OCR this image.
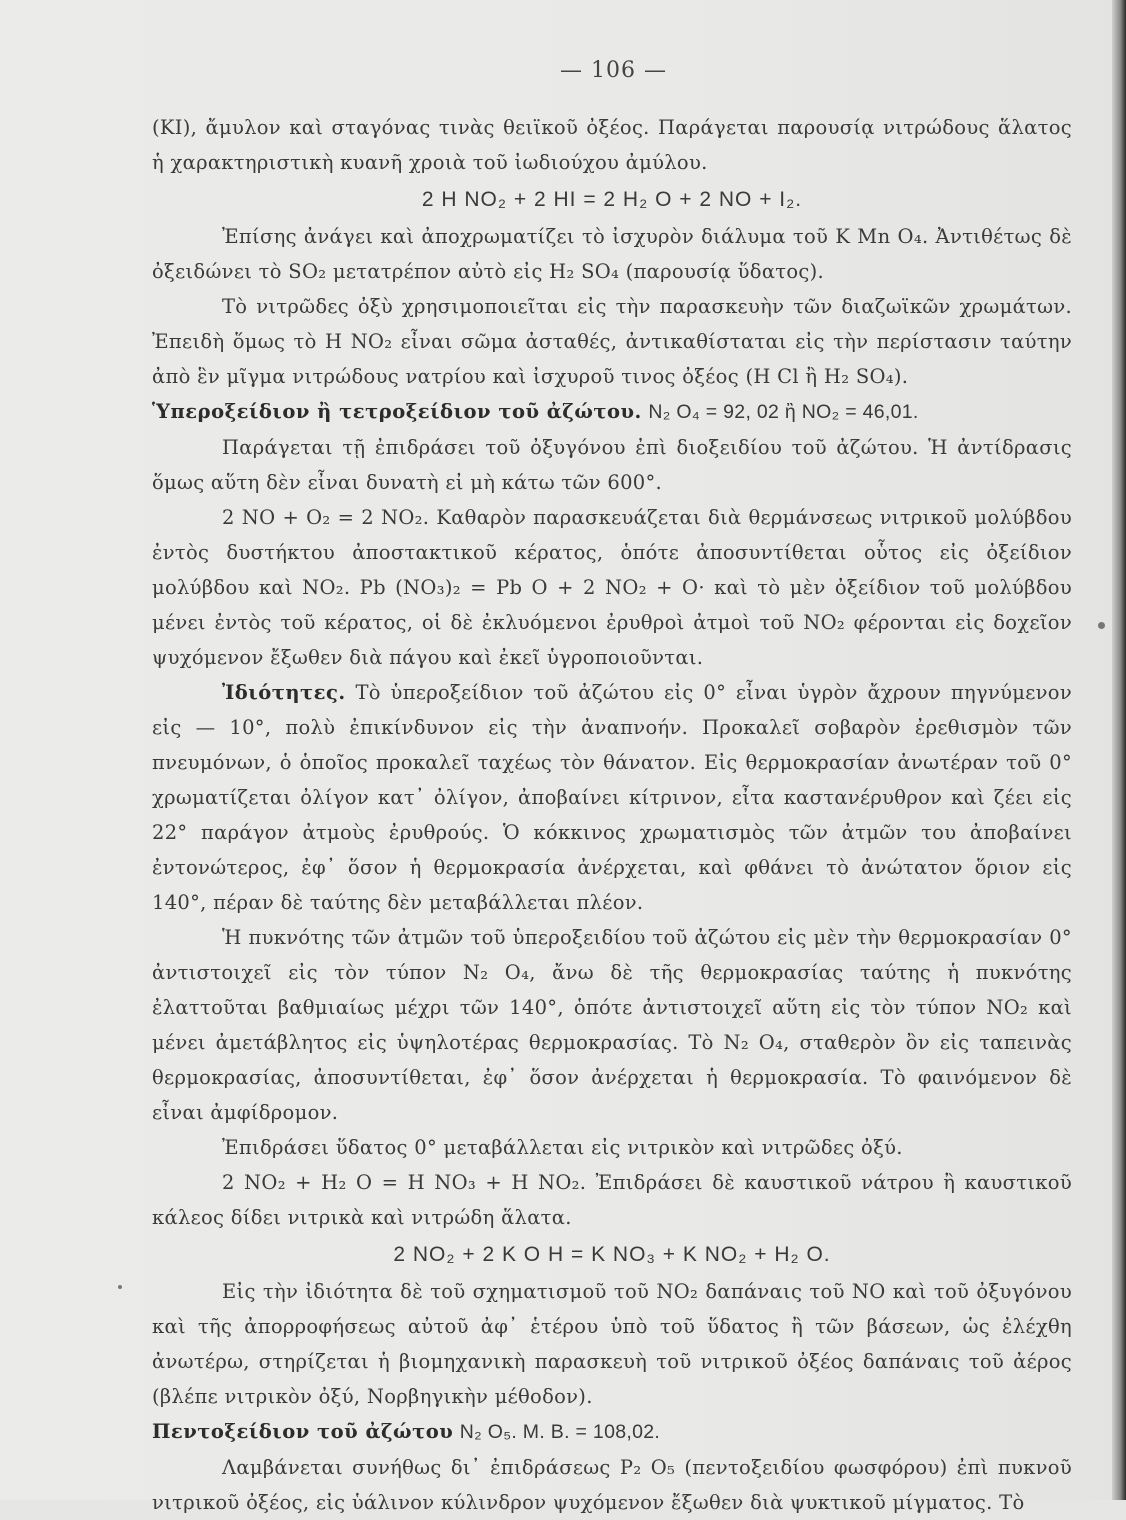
— 106 —

(KI), ἄμυλον καὶ σταγόνας τινὰς θειϊκοῦ ὀξέος. Παράγεται παρουσίᾳ νιτρώδους ἅλατος ἡ χαρακτηριστικὴ κυανῆ χροιὰ τοῦ ἰωδιούχου ἀμύλου.

2 H NO₂ + 2 HI = 2 H₂ O + 2 NO + I₂.

Ἐπίσης ἀνάγει καὶ ἀποχρωματίζει τὸ ἰσχυρὸν διάλυμα τοῦ K Mn O₄. Ἀντιθέτως δὲ ὀξειδώνει τὸ SO₂ μετατρέπον αὐτὸ εἰς H₂ SO₄ (παρουσίᾳ ὕδατος).

Τὸ νιτρῶδες ὀξὺ χρησιμοποιεῖται εἰς τὴν παρασκευὴν τῶν διαζωϊκῶν χρωμάτων. Ἐπειδὴ ὅμως τὸ H NO₂ εἶναι σῶμα ἀσταθές, ἀντικαθίσταται εἰς τὴν περίστασιν ταύτην ἀπὸ ἓν μῖγμα νιτρώδους νατρίου καὶ ἰσχυροῦ τινος ὀξέος (H Cl ἢ H₂ SO₄).

Ὑπεροξείδιον ἢ τετροξείδιον τοῦ ἀζώτου. N₂ O₄ = 92, 02 ἢ NO₂ = 46,01.

Παράγεται τῇ ἐπιδράσει τοῦ ὀξυγόνου ἐπὶ διοξειδίου τοῦ ἀζώτου. Ἡ ἀντίδρασις ὅμως αὕτη δὲν εἶναι δυνατὴ εἰ μὴ κάτω τῶν 600°.

2 NO + O₂ = 2 NO₂. Καθαρὸν παρασκευάζεται διὰ θερμάνσεως νιτρικοῦ μολύβδου ἐντὸς δυστήκτου ἀποστακτικοῦ κέρατος, ὁπότε ἀποσυντίθεται οὗτος εἰς ὀξείδιον μολύβδου καὶ NO₂. Pb (NO₃)₂ = Pb O + 2 NO₂ + O· καὶ τὸ μὲν ὀξείδιον τοῦ μολύβδου μένει ἐντὸς τοῦ κέρατος, οἱ δὲ ἐκλυόμενοι ἐρυθροὶ ἀτμοὶ τοῦ NO₂ φέρονται εἰς δοχεῖον ψυχόμενον ἔξωθεν διὰ πάγου καὶ ἐκεῖ ὑγροποιοῦνται.

Ἰδιότητες. Τὸ ὑπεροξείδιον τοῦ ἀζώτου εἰς 0° εἶναι ὑγρὸν ἄχρουν πηγνύμενον εἰς — 10°, πολὺ ἐπικίνδυνον εἰς τὴν ἀναπνοήν. Προκαλεῖ σοβαρὸν ἐρεθισμὸν τῶν πνευμόνων, ὁ ὁποῖος προκαλεῖ ταχέως τὸν θάνατον. Εἰς θερμοκρασίαν ἀνωτέραν τοῦ 0° χρωματίζεται ὀλίγον κατ᾽ ὀλίγον, ἀποβαίνει κίτρινον, εἶτα καστανέρυθρον καὶ ζέει εἰς 22° παράγον ἀτμοὺς ἐρυθρούς. Ὁ κόκκινος χρωματισμὸς τῶν ἀτμῶν του ἀποβαίνει ἐντονώτερος, ἐφ᾽ ὅσον ἡ θερμοκρασία ἀνέρχεται, καὶ φθάνει τὸ ἀνώτατον ὅριον εἰς 140°, πέραν δὲ ταύτης δὲν μεταβάλλεται πλέον.

Ἡ πυκνότης τῶν ἀτμῶν τοῦ ὑπεροξειδίου τοῦ ἀζώτου εἰς μὲν τὴν θερμοκρασίαν 0° ἀντιστοιχεῖ εἰς τὸν τύπον N₂ O₄, ἄνω δὲ τῆς θερμοκρασίας ταύτης ἡ πυκνότης ἐλαττοῦται βαθμιαίως μέχρι τῶν 140°, ὁπότε ἀντιστοιχεῖ αὕτη εἰς τὸν τύπον NO₂ καὶ μένει ἀμετάβλητος εἰς ὑψηλοτέρας θερμοκρασίας. Τὸ N₂ O₄, σταθερὸν ὂν εἰς ταπεινὰς θερμοκρασίας, ἀποσυντίθεται, ἐφ᾽ ὅσον ἀνέρχεται ἡ θερμοκρασία. Τὸ φαινόμενον δὲ εἶναι ἀμφίδρομον.

Ἐπιδράσει ὕδατος 0° μεταβάλλεται εἰς νιτρικὸν καὶ νιτρῶδες ὀξύ.

2 NO₂ + H₂ O = H NO₃ + H NO₂. Ἐπιδράσει δὲ καυστικοῦ νάτρου ἢ καυστικοῦ κάλεος δίδει νιτρικὰ καὶ νιτρώδη ἅλατα.

2 NO₂ + 2 K O H = K NO₃ + K NO₂ + H₂ O.

Εἰς τὴν ἰδιότητα δὲ τοῦ σχηματισμοῦ τοῦ NO₂ δαπάναις τοῦ NO καὶ τοῦ ὀξυγόνου καὶ τῆς ἀπορροφήσεως αὐτοῦ ἀφ᾽ ἑτέρου ὑπὸ τοῦ ὕδατος ἢ τῶν βάσεων, ὡς ἐλέχθη ἀνωτέρω, στηρίζεται ἡ βιομηχανικὴ παρασκευὴ τοῦ νιτρικοῦ ὀξέος δαπάναις τοῦ ἀέρος (βλέπε νιτρικὸν ὀξύ, Νορβηγικὴν μέθοδον).

Πεντοξείδιον τοῦ ἀζώτου N₂ O₅. M. B. = 108,02.

Λαμβάνεται συνήθως δι᾽ ἐπιδράσεως P₂ O₅ (πεντοξειδίου φωσφόρου) ἐπὶ πυκνοῦ νιτρικοῦ ὀξέος, εἰς ὑάλινον κύλινδρον ψυχόμενον ἔξωθεν διὰ ψυκτικοῦ μίγματος. Τὸ
